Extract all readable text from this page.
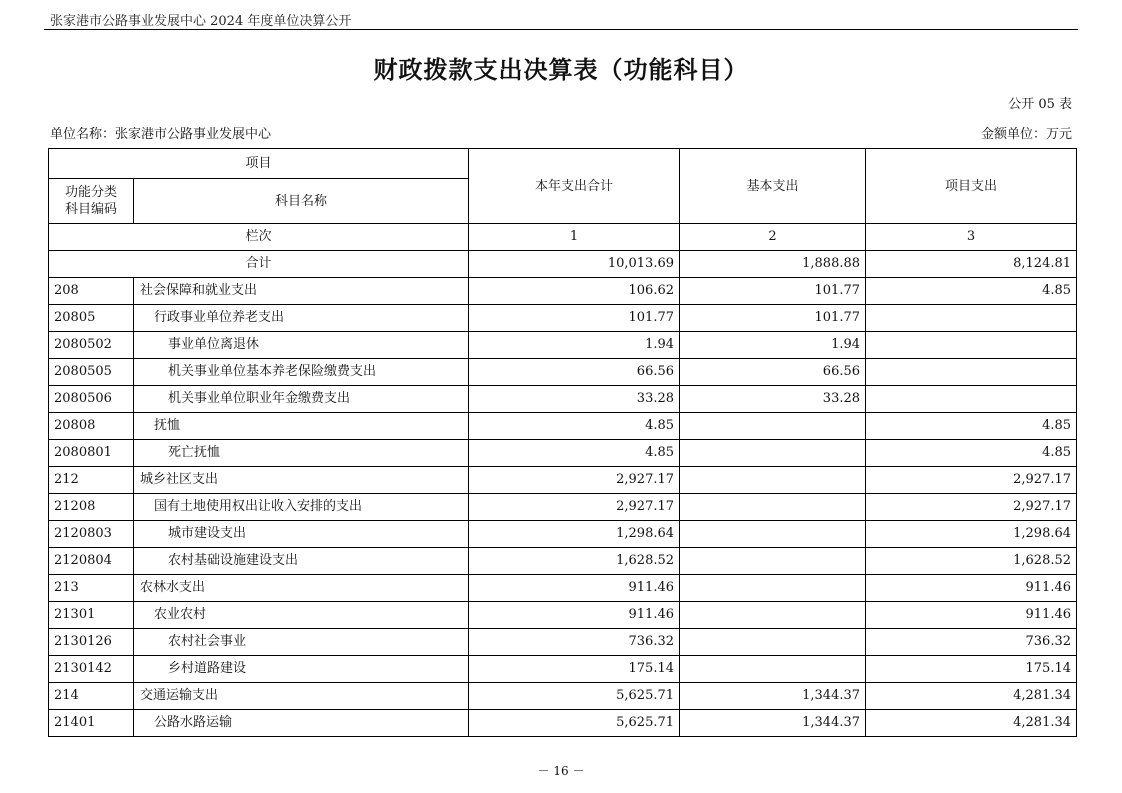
张家港市公路事业发展中心 2024 年度单位决算公开
财政拨款支出决算表（功能科目）
公开 05 表
单位名称：张家港市公路事业发展中心	金额单位：万元
项目		本年支出合计	基本支出	项目支出

功能分类
科目编码	科目名称			
栏次		1	2	3
合计		10,013.69	1,888.88	8,124.81
208	社会保障和就业支出	106.62	101.77	4.85
20805	行政事业单位养老支出	101.77	101.77	
2080502	事业单位离退休	1.94	1.94	
2080505	机关事业单位基本养老保险缴费支出	66.56	66.56	
2080506	机关事业单位职业年金缴费支出	33.28	33.28	
20808	抚恤	4.85		4.85
2080801	死亡抚恤	4.85		4.85
212	城乡社区支出	2,927.17		2,927.17
21208	国有土地使用权出让收入安排的支出	2,927.17		2,927.17
2120803	城市建设支出	1,298.64		1,298.64
2120804	农村基础设施建设支出	1,628.52		1,628.52
213	农林水支出	911.46		911.46
21301	农业农村	911.46		911.46
2130126	农村社会事业	736.32		736.32
2130142	乡村道路建设	175.14		175.14
214	交通运输支出	5,625.71	1,344.37	4,281.34
21401	公路水路运输	5,625.71	1,344.37	4,281.34
－ 16 －
